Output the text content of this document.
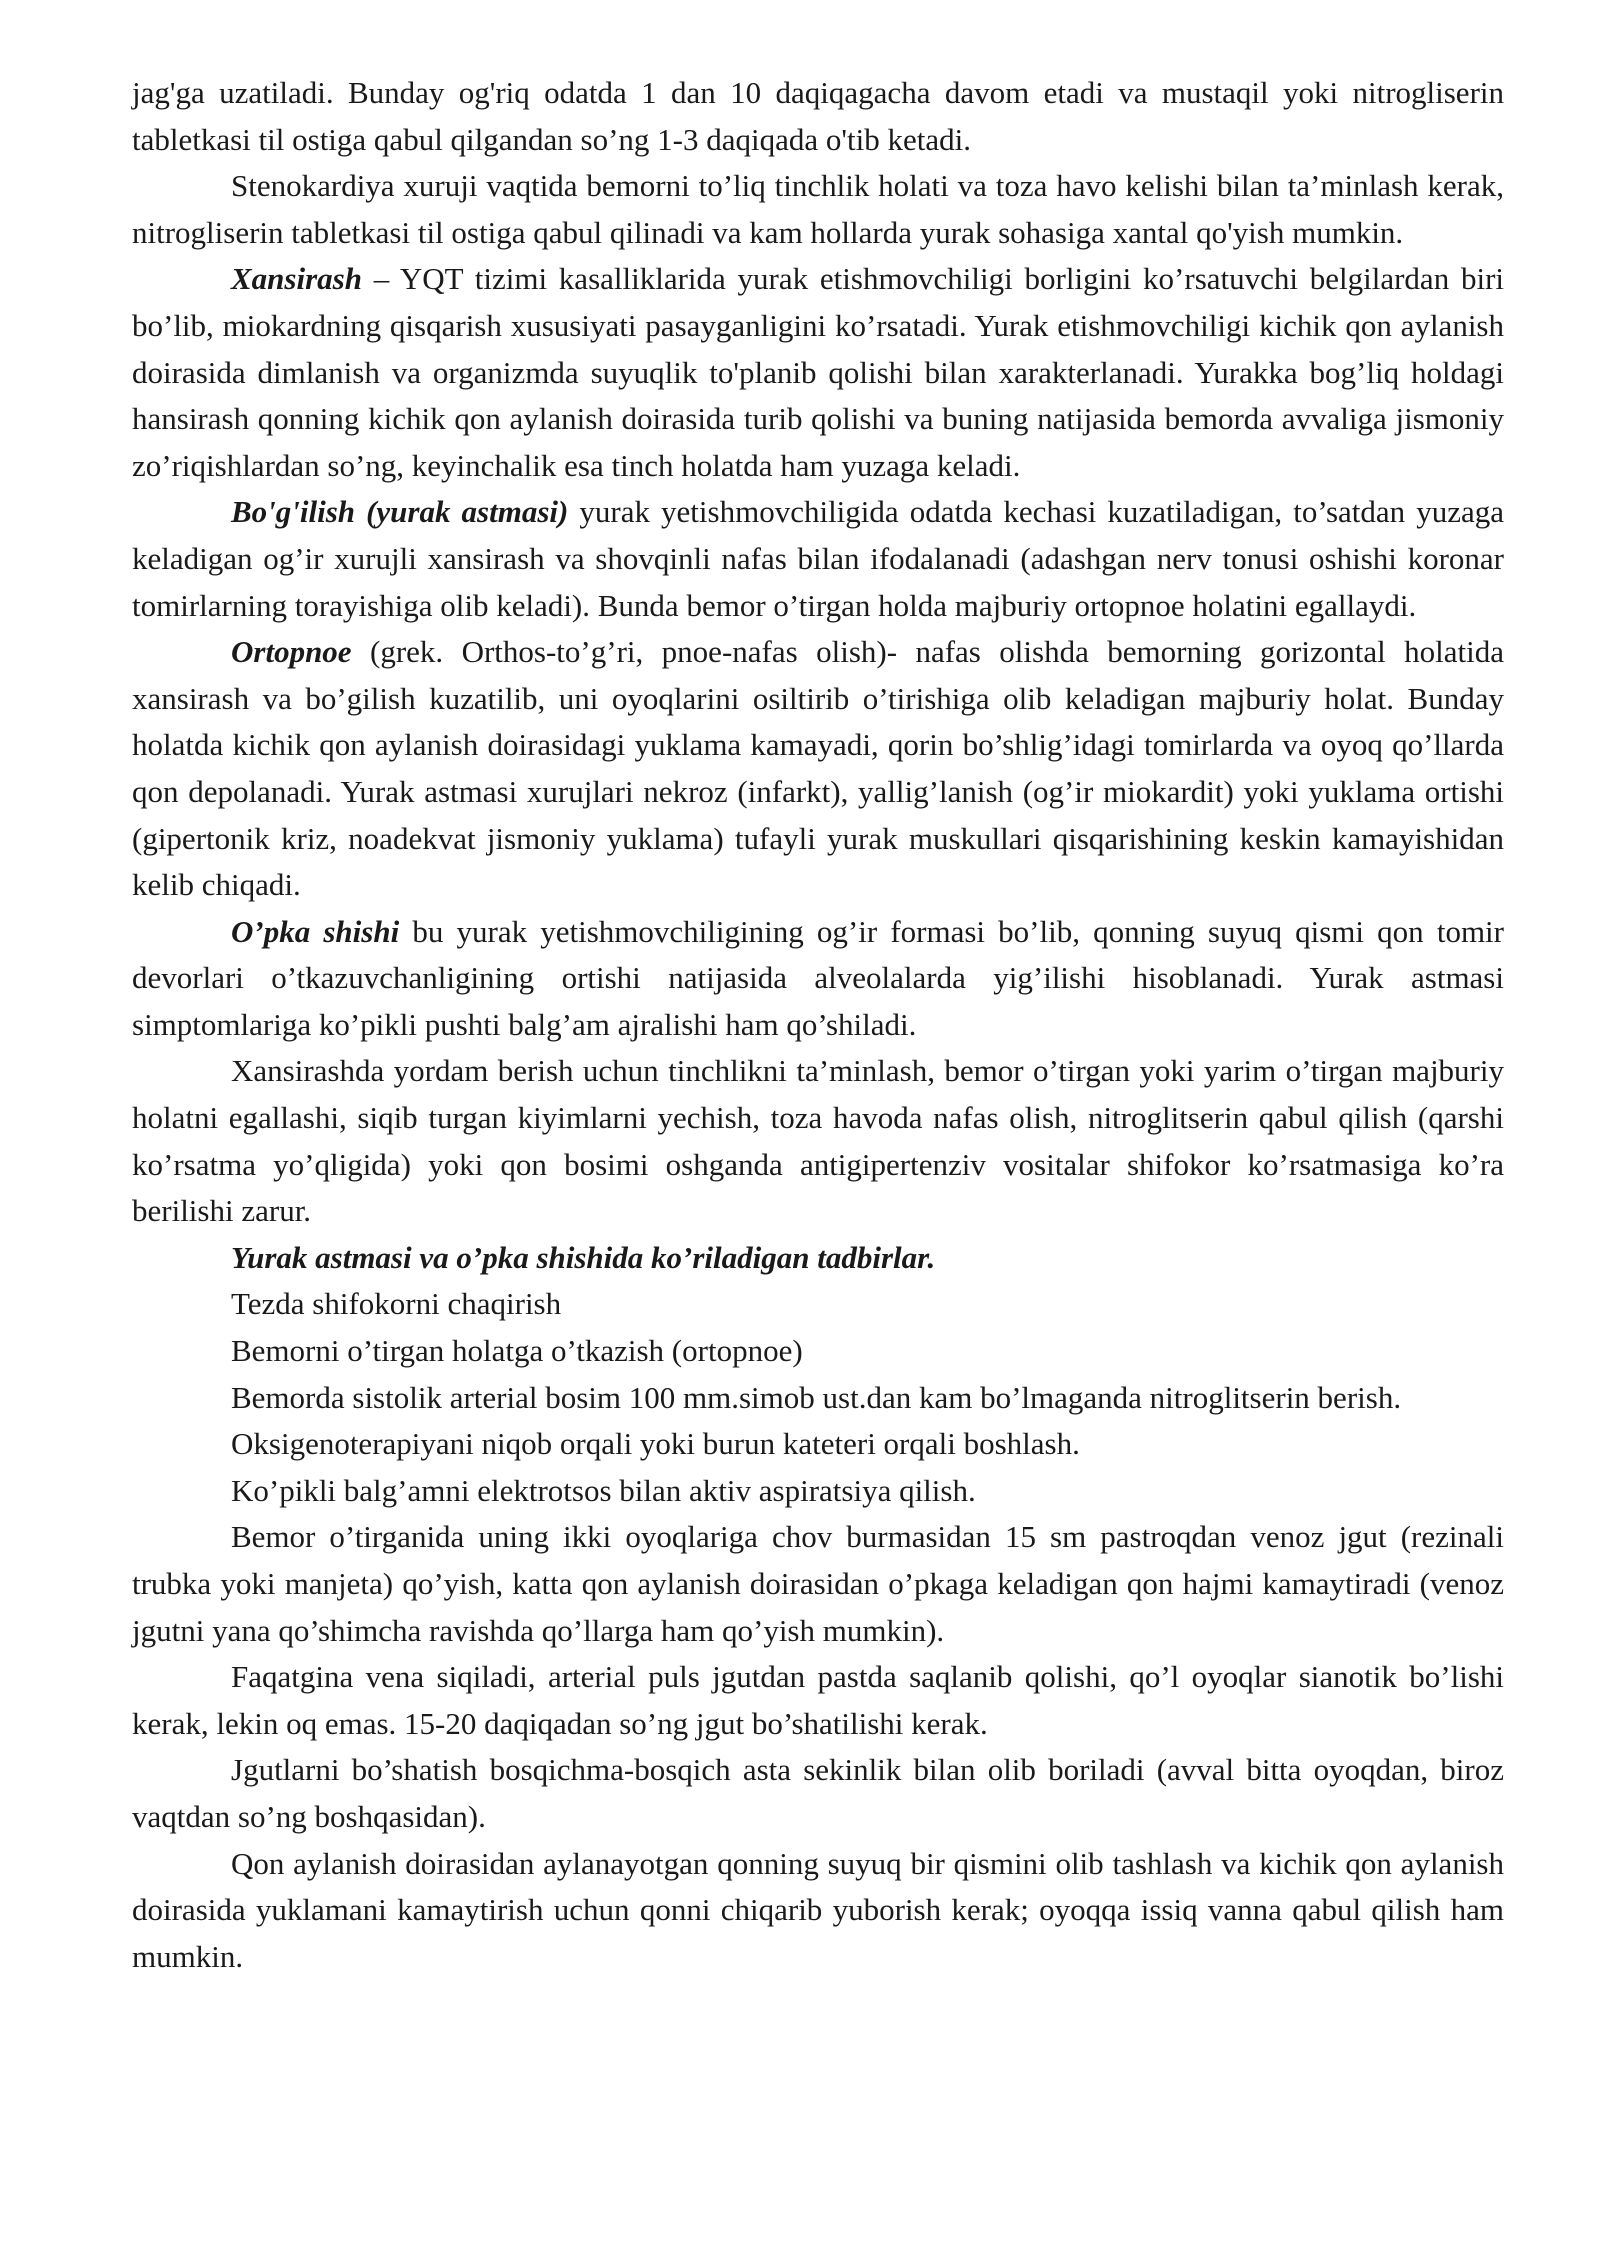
jag'ga uzatiladi. Bunday og'riq odatda 1 dan 10 daqiqagacha davom etadi va mustaqil yoki nitrogliserin tabletkasi til ostiga qabul qilgandan so’ng 1-3 daqiqada o'tib ketadi.

Stenokardiya xuruji vaqtida bemorni to’liq tinchlik holati va toza havo kelishi bilan ta’minlash kerak, nitrogliserin tabletkasi til ostiga qabul qilinadi va kam hollarda yurak sohasiga xantal qo'yish mumkin.

Xansirash – YQT tizimi kasalliklarida yurak etishmovchiligi borligini ko’rsatuvchi belgilardan biri bo’lib, miokardning qisqarish xususiyati pasayganligini ko’rsatadi. Yurak etishmovchiligi kichik qon aylanish doirasida dimlanish va organizmda suyuqlik to'planib qolishi bilan xarakterlanadi. Yurakka bog’liq holdagi hansirash qonning kichik qon aylanish doirasida turib qolishi va buning natijasida bemorda avvaliga jismoniy zo’riqishlardan so’ng, keyinchalik esa tinch holatda ham yuzaga keladi.

Bo'g'ilish (yurak astmasi) yurak yetishmovchiligida odatda kechasi kuzatiladigan, to’satdan yuzaga keladigan og’ir xurujli xansirash va shovqinli nafas bilan ifodalanadi (adashgan nerv tonusi oshishi koronar tomirlarning torayishiga olib keladi). Bunda bemor o’tirgan holda majburiy ortopnoe holatini egallaydi.

Ortopnoe (grek. Orthos-to’g’ri, pnoe-nafas olish)- nafas olishda bemorning gorizontal holatida xansirash va bo’gilish kuzatilib, uni oyoqlarini osiltirib o’tirishiga olib keladigan majburiy holat. Bunday holatda kichik qon aylanish doirasidagi yuklama kamayadi, qorin bo’shlig’idagi tomirlarda va oyoq qo’llarda qon depolanadi. Yurak astmasi xurujlari nekroz (infarkt), yallig’lanish (og’ir miokardit) yoki yuklama ortishi (gipertonik kriz, noadekvat jismoniy yuklama) tufayli yurak muskullari qisqarishining keskin kamayishidan kelib chiqadi.

O’pka shishi bu yurak yetishmovchiligining og’ir formasi bo’lib, qonning suyuq qismi qon tomir devorlari o’tkazuvchanligining ortishi natijasida alveolalarda yig’ilishi hisoblanadi. Yurak astmasi simptomlariga ko’pikli pushti balg’am ajralishi ham qo’shiladi.

Xansirashda yordam berish uchun tinchlikni ta’minlash, bemor o’tirgan yoki yarim o’tirgan majburiy holatni egallashi, siqib turgan kiyimlarni yechish, toza havoda nafas olish, nitroglitserin qabul qilish (qarshi ko’rsatma yo’qligida) yoki qon bosimi oshganda antigipertenziv vositalar shifokor ko’rsatmasiga ko’ra berilishi zarur.

Yurak astmasi va o’pka shishida ko’riladigan tadbirlar.

Tezda shifokorni chaqirish

Bemorni o’tirgan holatga o’tkazish (ortopnoe)

Bemorda sistolik arterial bosim 100 mm.simob ust.dan kam bo’lmaganda nitroglitserin berish.

Oksigenoterapiyani niqob orqali yoki burun kateteri orqali boshlash.

Ko’pikli balg’amni elektrotsos bilan aktiv aspiratsiya qilish.

Bemor o’tirganida uning ikki oyoqlariga chov burmasidan 15 sm pastroqdan venoz jgut (rezinali trubka yoki manjeta) qo’yish, katta qon aylanish doirasidan o’pkaga keladigan qon hajmi kamaytiradi (venoz jgutni yana qo’shimcha ravishda qo’llarga ham qo’yish mumkin).

Faqatgina vena siqiladi, arterial puls jgutdan pastda saqlanib qolishi, qo’l oyoqlar sianotik bo’lishi kerak, lekin oq emas. 15-20 daqiqadan so’ng jgut bo’shatilishi kerak.

Jgutlarni bo’shatish bosqichma-bosqich asta sekinlik bilan olib boriladi (avval bitta oyoqdan, biroz vaqtdan so’ng boshqasidan).

Qon aylanish doirasidan aylanayotgan qonning suyuq bir qismini olib tashlash va kichik qon aylanish doirasida yuklamani kamaytirish uchun qonni chiqarib yuborish kerak; oyoqqa issiq vanna qabul qilish ham mumkin.
